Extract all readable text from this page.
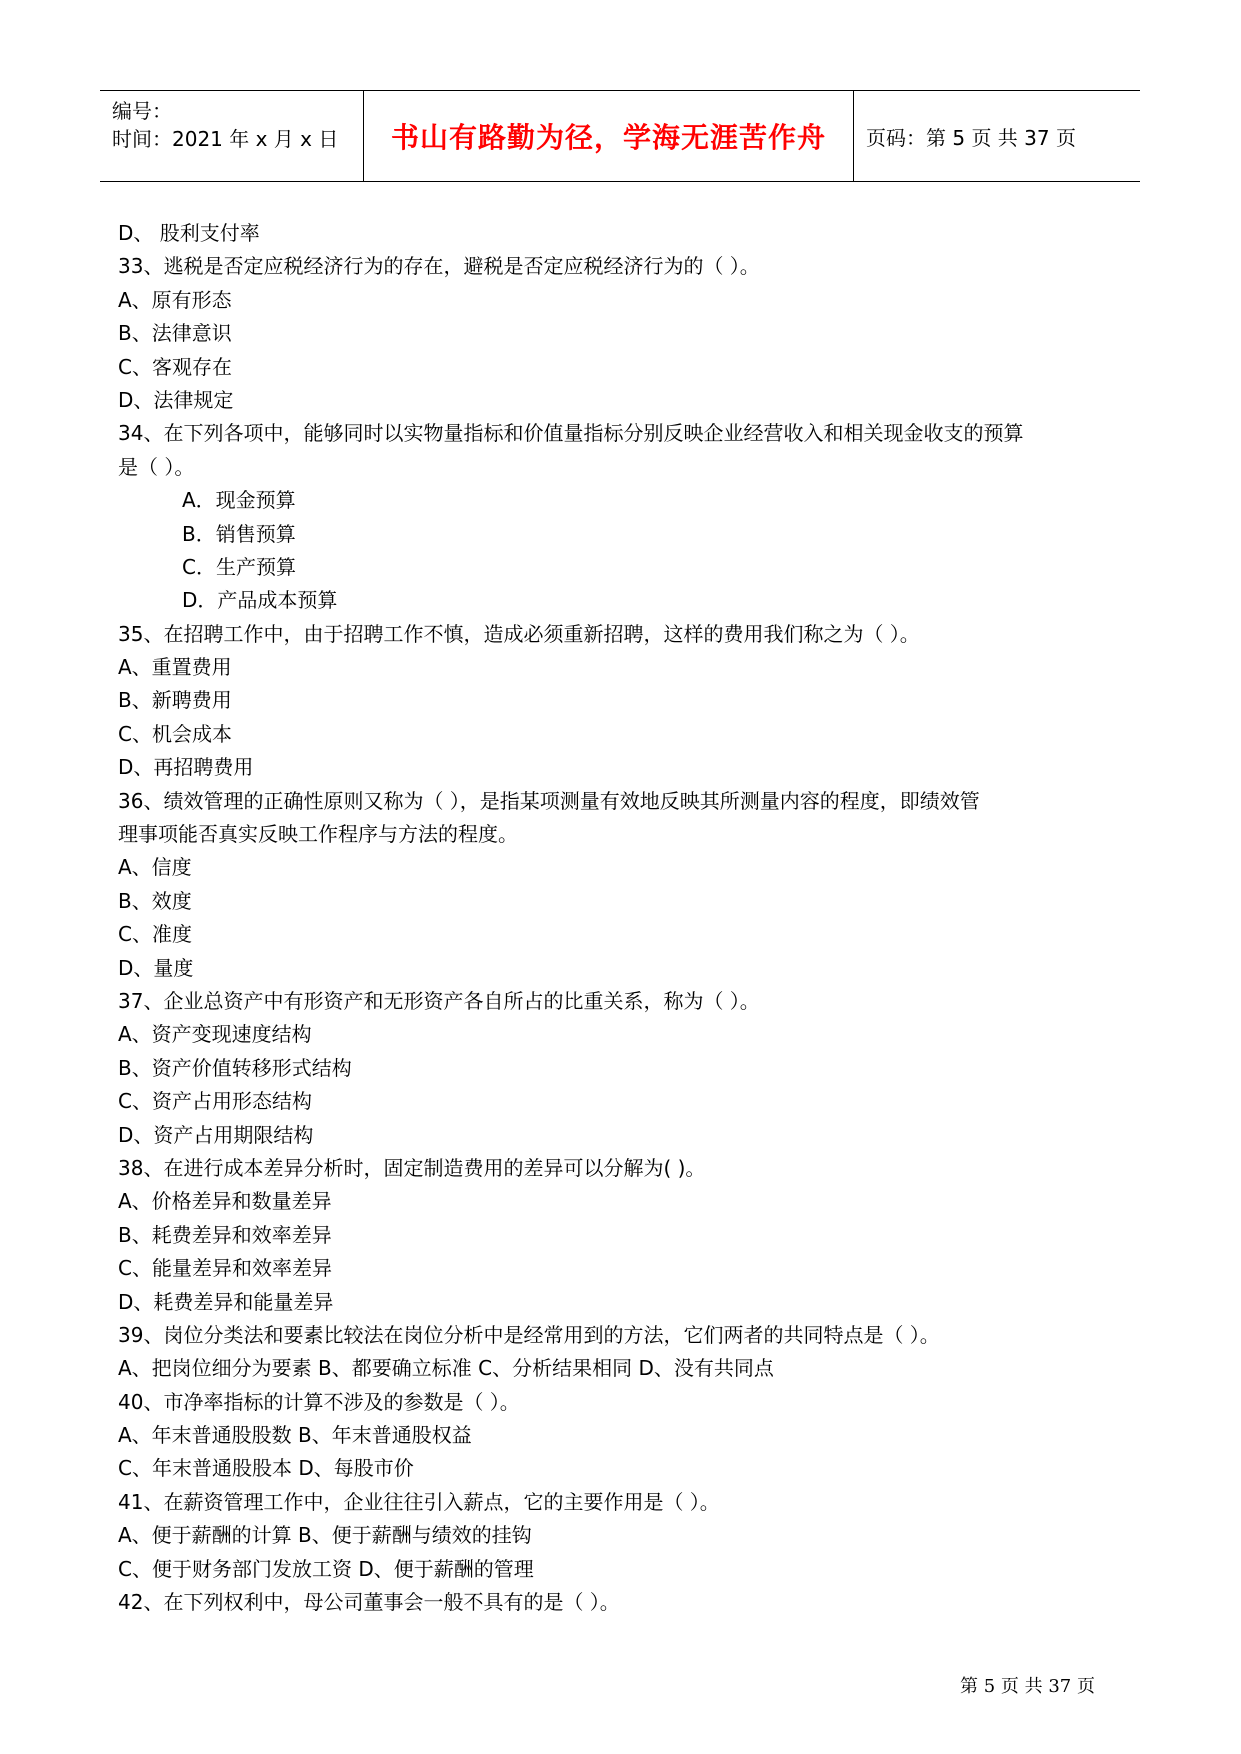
编号：
时间：2021 年 x 月 x 日 书山有路勤为径，学海无涯苦作舟 页码：第 5 页 共 37 页
D、 股利支付率
33、逃税是否定应税经济行为的存在，避税是否定应税经济行为的（ ）。
A、原有形态
B、法律意识
C、客观存在
D、法律规定
34、在下列各项中，能够同时以实物量指标和价值量指标分别反映企业经营收入和相关现金收支的预算
是（ ）。
A．现金预算
B．销售预算
C．生产预算
D．产品成本预算
35、在招聘工作中，由于招聘工作不慎，造成必须重新招聘，这样的费用我们称之为（ ）。
A、重置费用
B、新聘费用
C、机会成本
D、再招聘费用
36、绩效管理的正确性原则又称为（ ），是指某项测量有效地反映其所测量内容的程度，即绩效管
理事项能否真实反映工作程序与方法的程度。
A、信度
B、效度
C、准度
D、量度
37、企业总资产中有形资产和无形资产各自所占的比重关系，称为（ ）。
A、资产变现速度结构
B、资产价值转移形式结构
C、资产占用形态结构
D、资产占用期限结构
38、在进行成本差异分析时，固定制造费用的差异可以分解为( )。
A、价格差异和数量差异
B、耗费差异和效率差异
C、能量差异和效率差异
D、耗费差异和能量差异
39、岗位分类法和要素比较法在岗位分析中是经常用到的方法，它们两者的共同特点是（ ）。
A、把岗位细分为要素 B、都要确立标准 C、分析结果相同 D、没有共同点
40、市净率指标的计算不涉及的参数是（ ）。
A、年末普通股股数 B、年末普通股权益
C、年末普通股股本 D、每股市价
41、在薪资管理工作中，企业往往引入薪点，它的主要作用是（ ）。
A、便于薪酬的计算 B、便于薪酬与绩效的挂钩
C、便于财务部门发放工资 D、便于薪酬的管理
42、在下列权利中，母公司董事会一般不具有的是（ ）。
第 5 页 共 37 页
